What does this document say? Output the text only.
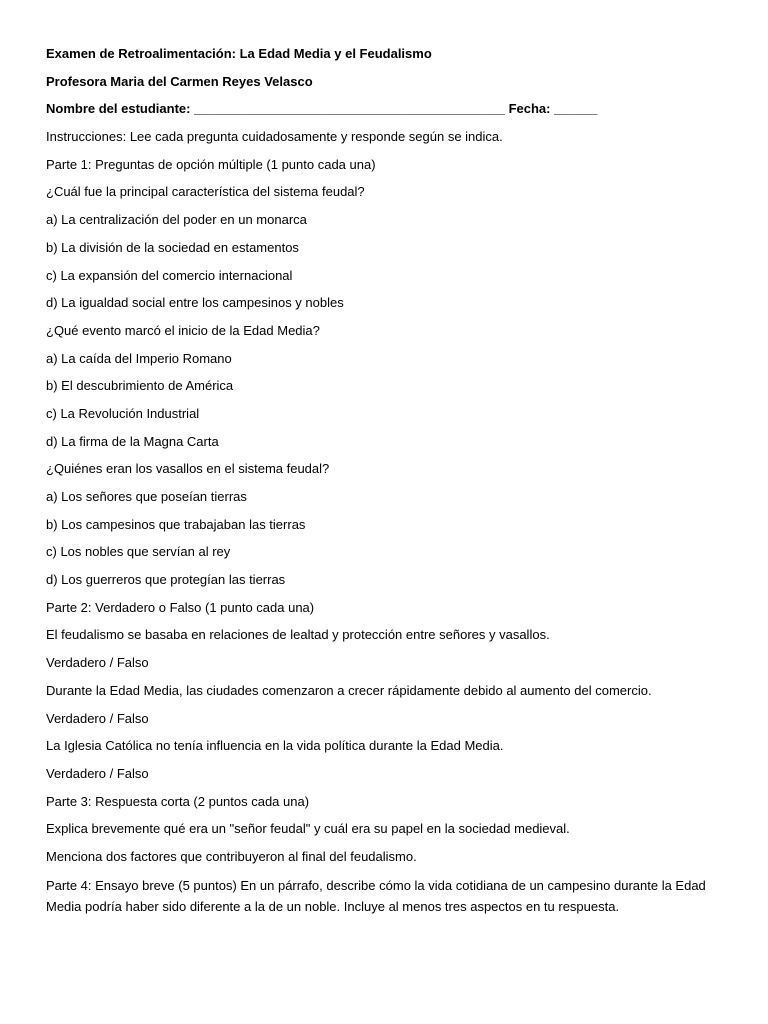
Examen de Retroalimentación: La Edad Media y el Feudalismo
Profesora Maria del Carmen Reyes Velasco
Nombre del estudiante: ___________________________________________ Fecha: ______
Instrucciones: Lee cada pregunta cuidadosamente y responde según se indica.
Parte 1: Preguntas de opción múltiple (1 punto cada una)
¿Cuál fue la principal característica del sistema feudal?
a) La centralización del poder en un monarca
b) La división de la sociedad en estamentos
c) La expansión del comercio internacional
d) La igualdad social entre los campesinos y nobles
¿Qué evento marcó el inicio de la Edad Media?
a) La caída del Imperio Romano
b) El descubrimiento de América
c) La Revolución Industrial
d) La firma de la Magna Carta
¿Quiénes eran los vasallos en el sistema feudal?
a) Los señores que poseían tierras
b) Los campesinos que trabajaban las tierras
c) Los nobles que servían al rey
d) Los guerreros que protegían las tierras
Parte 2: Verdadero o Falso (1 punto cada una)
El feudalismo se basaba en relaciones de lealtad y protección entre señores y vasallos.
Verdadero / Falso
Durante la Edad Media, las ciudades comenzaron a crecer rápidamente debido al aumento del comercio.
Verdadero / Falso
La Iglesia Católica no tenía influencia en la vida política durante la Edad Media.
Verdadero / Falso
Parte 3: Respuesta corta (2 puntos cada una)
Explica brevemente qué era un "señor feudal" y cuál era su papel en la sociedad medieval.
Menciona dos factores que contribuyeron al final del feudalismo.
Parte 4: Ensayo breve (5 puntos) En un párrafo, describe cómo la vida cotidiana de un campesino durante la Edad Media podría haber sido diferente a la de un noble. Incluye al menos tres aspectos en tu respuesta.
